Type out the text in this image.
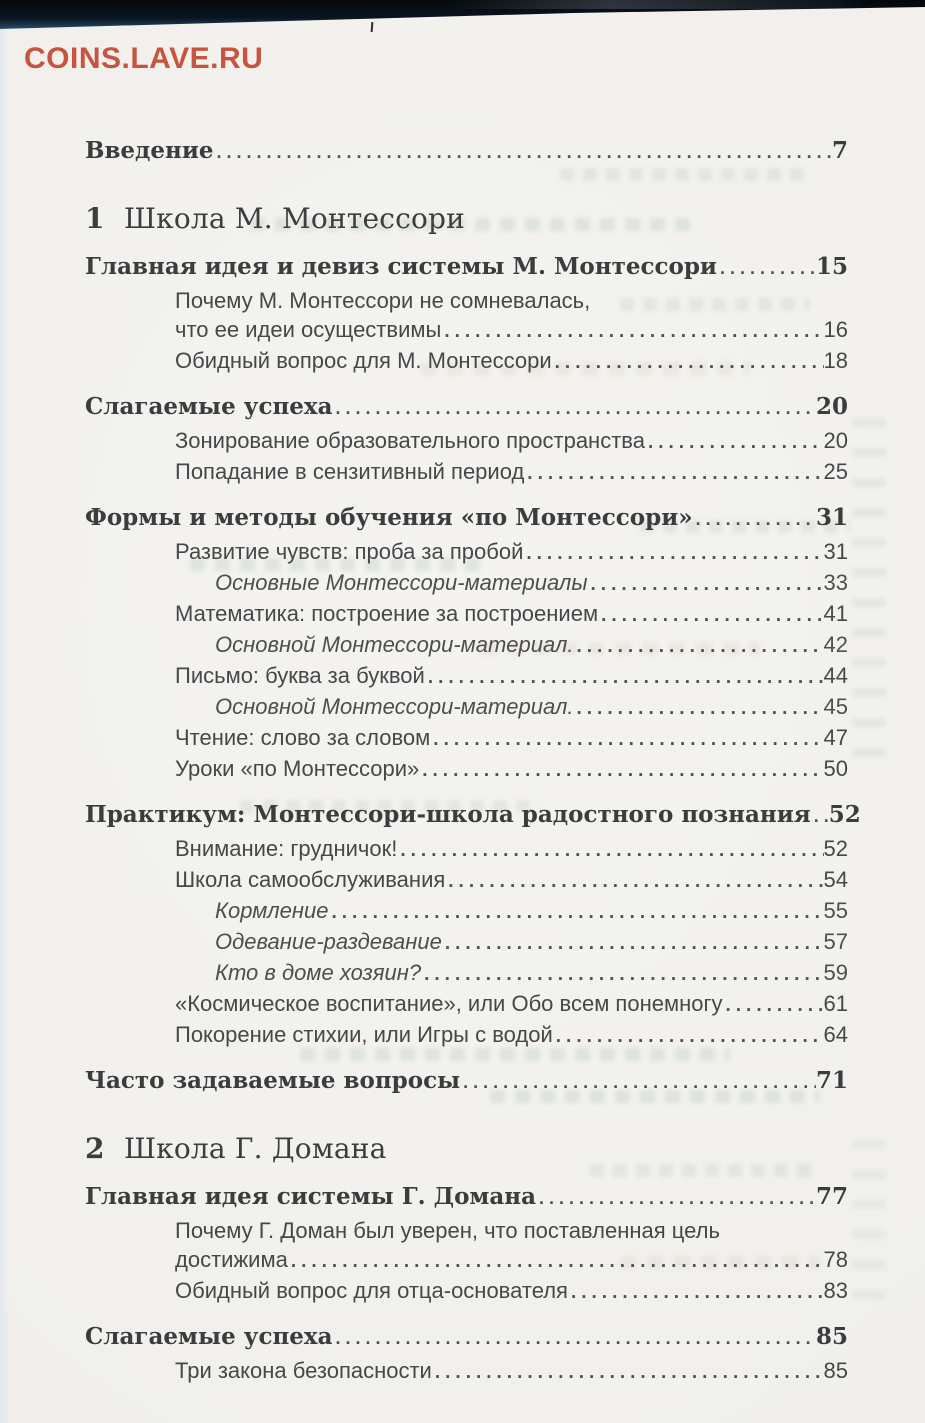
COINS.LAVE.RU
Введение .....	7
1 Школа М. Монтессори
Главная идея и девиз системы М. Монтессори .....	15
Почему М. Монтессори не сомневалась,
что ее идеи осуществимы .....	16
Обидный вопрос для М. Монтессори .....	18
Слагаемые успеха .....	20
Зонирование образовательного пространства .....	20
Попадание в сензитивный период .....	25
Формы и методы обучения «по Монтессори» .....	31
Развитие чувств: проба за пробой .....	31
Основные Монтессори-материалы .....	33
Математика: построение за построением .....	41
Основной Монтессори-материал. .....	42
Письмо: буква за буквой .....	44
Основной Монтессори-материал. .....	45
Чтение: слово за словом .....	47
Уроки «по Монтессори» .....	50
Практикум: Монтессори-школа радостного познания ..... 52
Внимание: грудничок! .....	52
Школа самообслуживания .....	54
Кормление .....	55
Одевание-раздевание .....	57
Кто в доме хозяин? .....	59
«Космическое воспитание», или Обо всем понемногу .....	61
Покорение стихии, или Игры с водой .....	64
Часто задаваемые вопросы .....	71
2 Школа Г. Домана
Главная идея системы Г. Домана .....	77
Почему Г. Доман был уверен, что поставленная цель
достижима .....	78
Обидный вопрос для отца-основателя .....	83
Слагаемые успеха .....	85
Три закона безопасности .....	85
